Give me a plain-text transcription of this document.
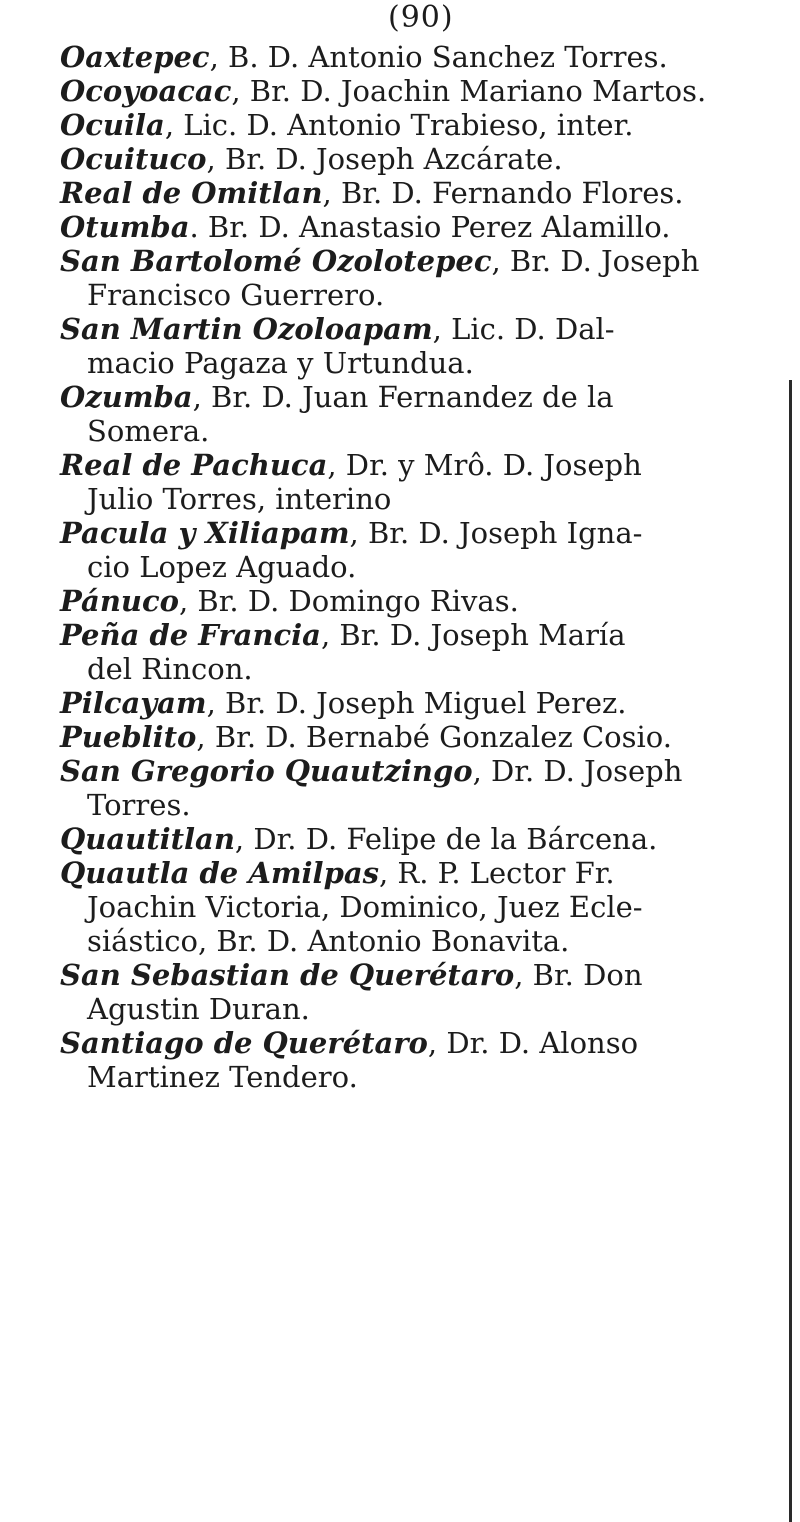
(90)
Oaxtepec, B. D. Antonio Sanchez Torres.
Ocoyoacac, Br. D. Joachin Mariano Martos.
Ocuila, Lic. D. Antonio Trabieso, inter.
Ocuituco, Br. D. Joseph Azcárate.
Real de Omitlan, Br. D. Fernando Flores.
Otumba. Br. D. Anastasio Perez Alamillo.
San Bartolomé Ozolotepec, Br. D. Joseph
Francisco Guerrero.
San Martin Ozoloapam, Lic. D. Dal-
macio Pagaza y Urtundua.
Ozumba, Br. D. Juan Fernandez de la
Somera.
Real de Pachuca, Dr. y Mrô. D. Joseph
Julio Torres, interino
Pacula y Xiliapam, Br. D. Joseph Igna-
cio Lopez Aguado.
Pánuco, Br. D. Domingo Rivas.
Peña de Francia, Br. D. Joseph María
del Rincon.
Pilcayam, Br. D. Joseph Miguel Perez.
Pueblito, Br. D. Bernabé Gonzalez Cosio.
San Gregorio Quautzingo, Dr. D. Joseph
Torres.
Quautitlan, Dr. D. Felipe de la Bárcena.
Quautla de Amilpas, R. P. Lector Fr.
Joachin Victoria, Dominico, Juez Ecle-
siástico, Br. D. Antonio Bonavita.
San Sebastian de Querétaro, Br. Don
Agustin Duran.
Santiago de Querétaro, Dr. D. Alonso
Martinez Tendero.
